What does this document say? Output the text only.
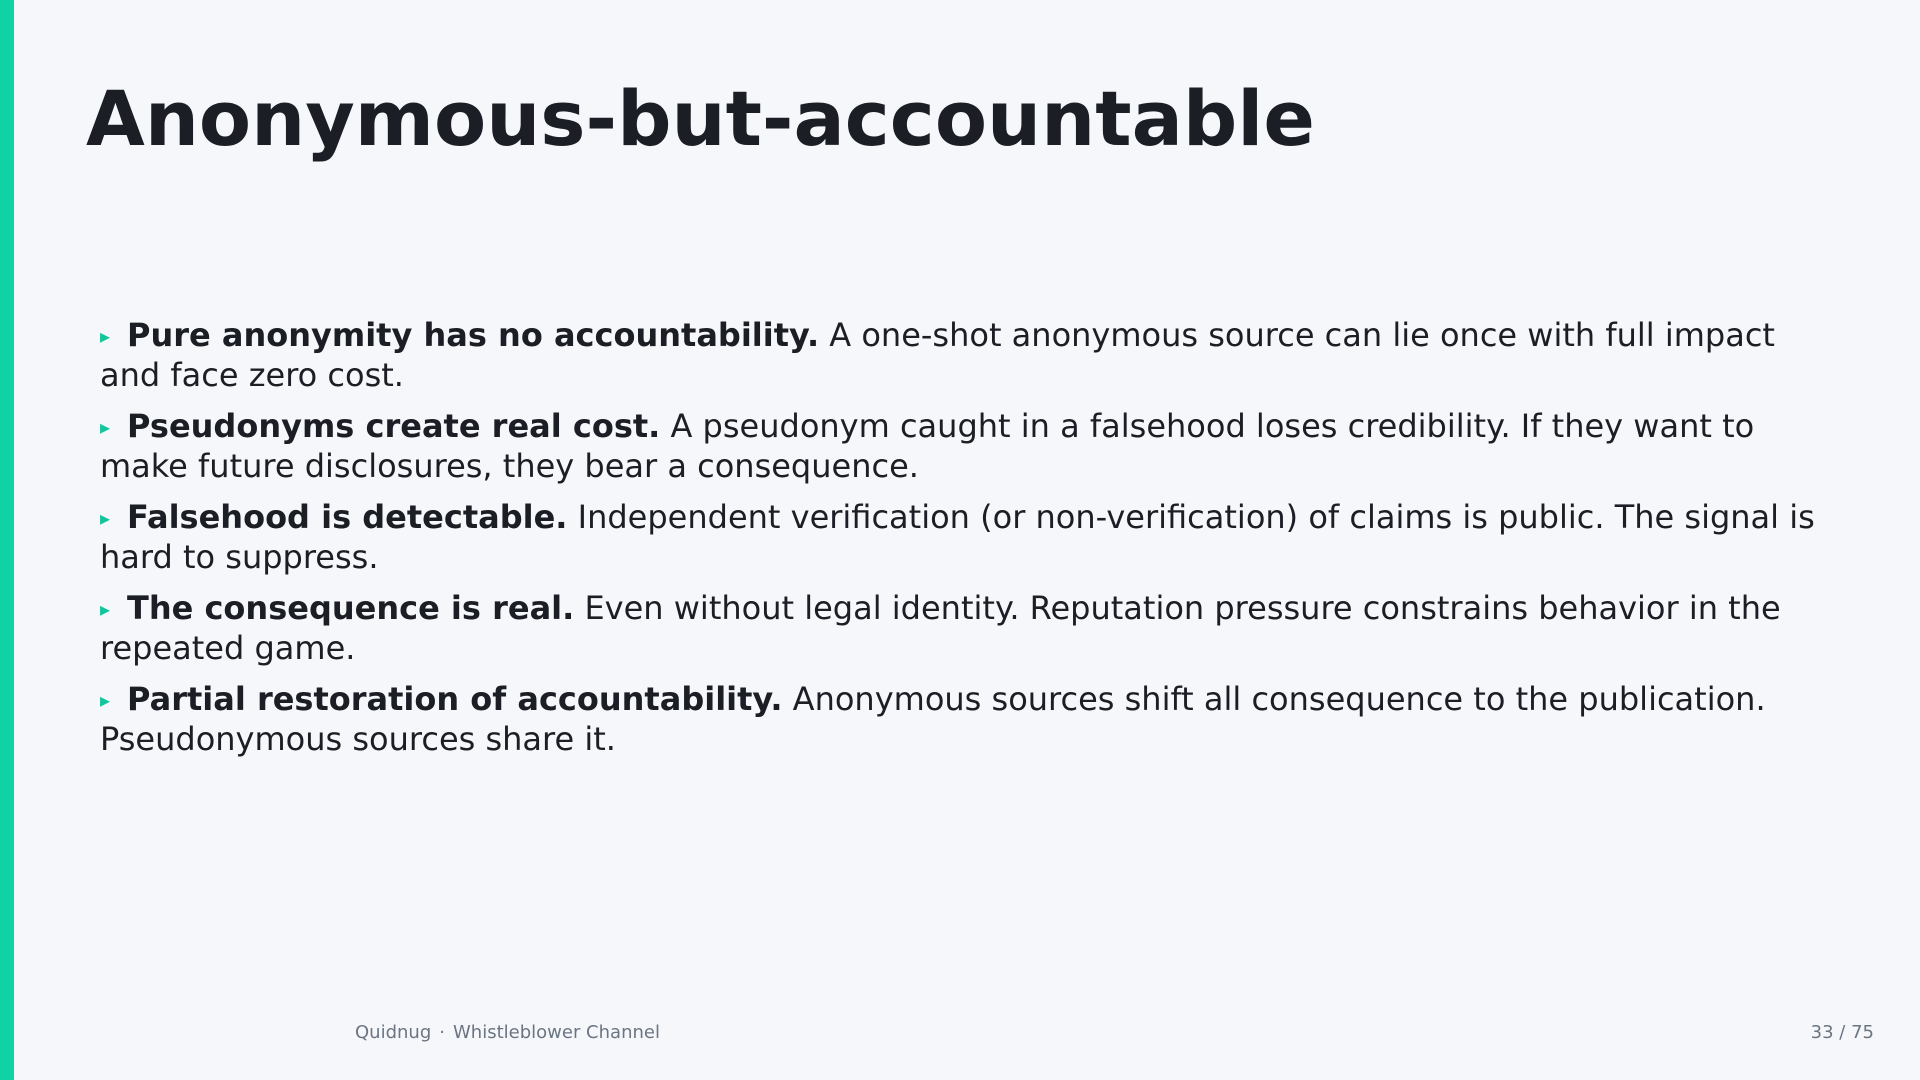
Anonymous-but-accountable
▸ Pure anonymity has no accountability. A one-shot anonymous source can lie once with full impact and face zero cost.
▸ Pseudonyms create real cost. A pseudonym caught in a falsehood loses credibility. If they want to make future disclosures, they bear a consequence.
▸ Falsehood is detectable. Independent verification (or non-verification) of claims is public. The signal is hard to suppress.
▸ The consequence is real. Even without legal identity. Reputation pressure constrains behavior in the repeated game.
▸ Partial restoration of accountability. Anonymous sources shift all consequence to the publication. Pseudonymous sources share it.
Quidnug · Whistleblower Channel	33 / 75
